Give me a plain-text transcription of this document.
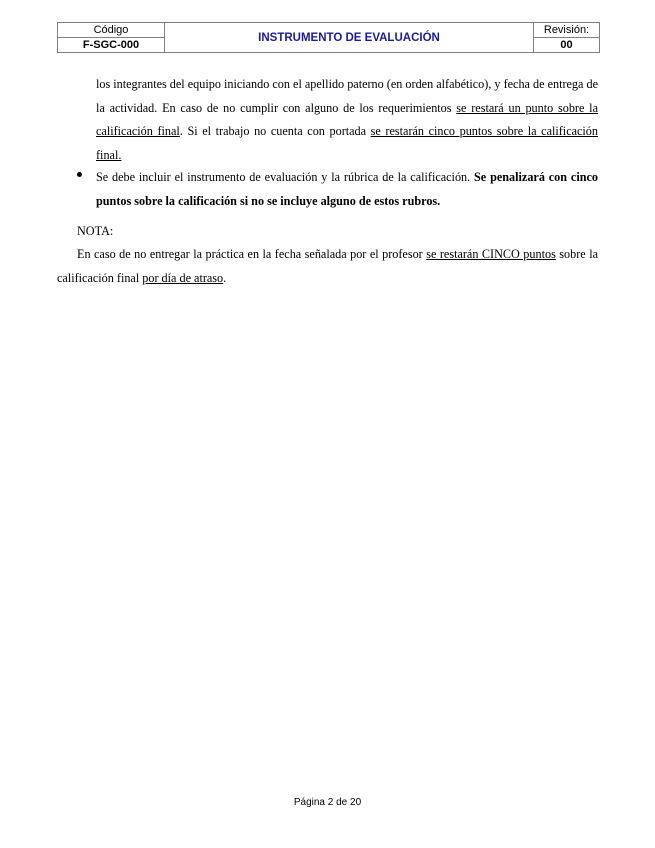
Código
F-SGC-000
INSTRUMENTO DE EVALUACIÓN
Revisión:
00
los integrantes del equipo iniciando con el apellido paterno (en orden alfabético), y fecha de entrega de la actividad. En caso de no cumplir con alguno de los requerimientos se restará un punto sobre la calificación final. Si el trabajo no cuenta con portada se restarán cinco puntos sobre la calificación final.
Se debe incluir el instrumento de evaluación y la rúbrica de la calificación. Se penalizará con cinco puntos sobre la calificación si no se incluye alguno de estos rubros.
NOTA:
En caso de no entregar la práctica en la fecha señalada por el profesor se restarán CINCO puntos sobre la calificación final por día de atraso.
Página 2 de 20
